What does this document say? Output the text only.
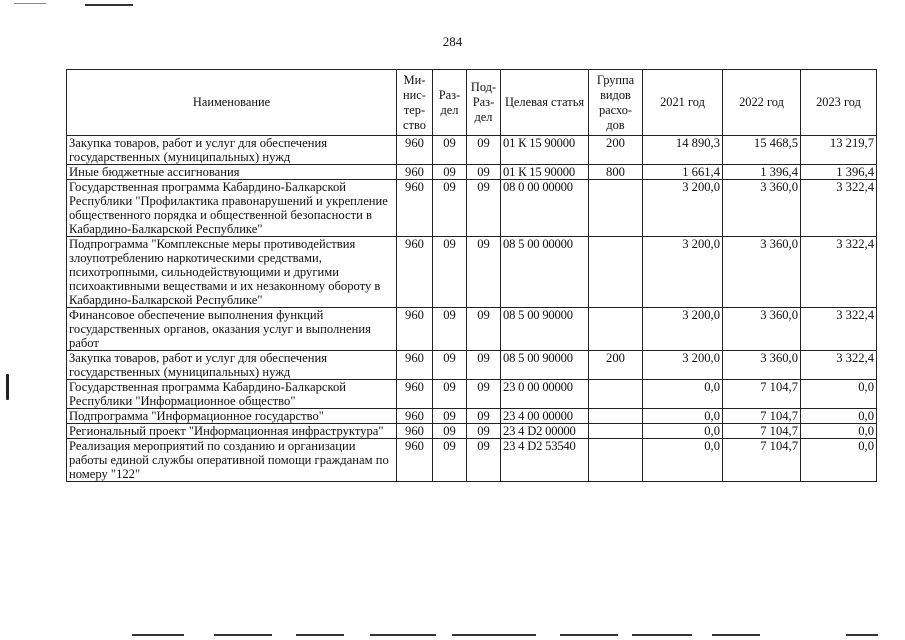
284
Наименование	Ми-нис-тер-ство	Раз-дел	Под-Раз-дел	Целевая статья	Группа видов расхо-дов	2021 год	2022 год	2023 год
Закупка товаров, работ и услуг для обеспечения государственных (муниципальных) нужд	960	09	09	01 К 15 90000	200	14 890,3	15 468,5	13 219,7
Иные бюджетные ассигнования	960	09	09	01 К 15 90000	800	1 661,4	1 396,4	1 396,4
Государственная программа Кабардино-Балкарской Республики "Профилактика правонарушений и укрепление общественного порядка и общественной безопасности в Кабардино-Балкарской Республике"	960	09	09	08 0 00 00000		3 200,0	3 360,0	3 322,4
Подпрограмма "Комплексные меры противодействия злоупотреблению наркотическими средствами, психотропными, сильнодействующими и другими психоактивными веществами и их незаконному обороту в Кабардино-Балкарской Республике"	960	09	09	08 5 00 00000		3 200,0	3 360,0	3 322,4
Финансовое обеспечение выполнения функций государственных органов, оказания услуг и выполнения работ	960	09	09	08 5 00 90000		3 200,0	3 360,0	3 322,4
Закупка товаров, работ и услуг для обеспечения государственных (муниципальных) нужд	960	09	09	08 5 00 90000	200	3 200,0	3 360,0	3 322,4
Государственная программа Кабардино-Балкарской Республики "Информационное общество"	960	09	09	23 0 00 00000		0,0	7 104,7	0,0
Подпрограмма "Информационное государство"	960	09	09	23 4 00 00000		0,0	7 104,7	0,0
Региональный проект "Информационная инфраструктура"	960	09	09	23 4 D2 00000		0,0	7 104,7	0,0
Реализация мероприятий по созданию и организации работы единой службы оперативной помощи гражданам по номеру "122"	960	09	09	23 4 D2 53540		0,0	7 104,7	0,0
